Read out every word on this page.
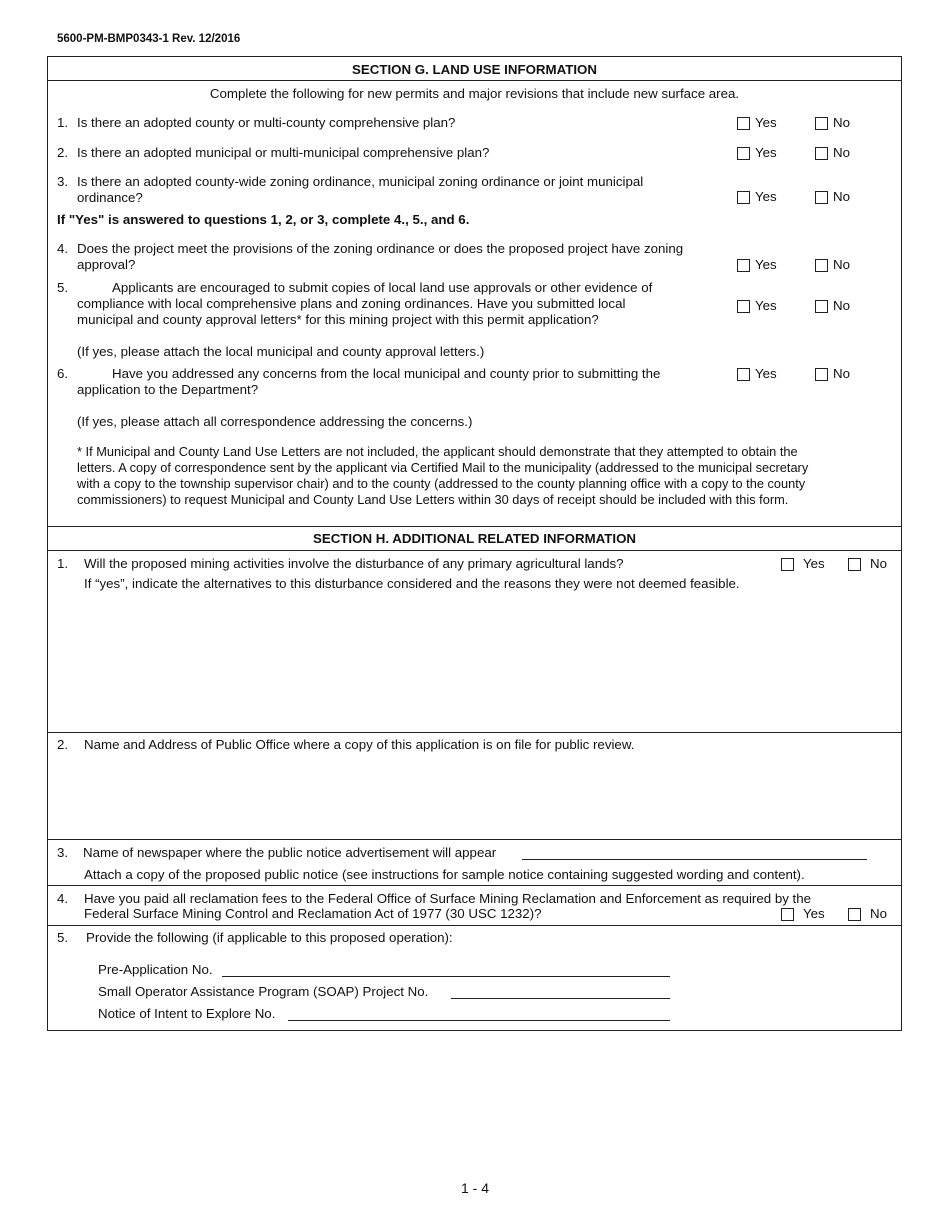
5600-PM-BMP0343-1 Rev. 12/2016
SECTION G. LAND USE INFORMATION
Complete the following for new permits and major revisions that include new surface area.
1. Is there an adopted county or multi-county comprehensive plan?	Yes	No
2. Is there an adopted municipal or multi-municipal comprehensive plan?	Yes	No
3. Is there an adopted county-wide zoning ordinance, municipal zoning ordinance or joint municipal
ordinance?	Yes	No
If "Yes" is answered to questions 1, 2, or 3, complete 4., 5., and 6.
4. Does the project meet the provisions of the zoning ordinance or does the proposed project have zoning
approval?	Yes	No
5.	Applicants are encouraged to submit copies of local land use approvals or other evidence of
compliance with local comprehensive plans and zoning ordinances. Have you submitted local
municipal and county approval letters* for this mining project with this permit application?
Yes	No
(If yes, please attach the local municipal and county approval letters.)
6.	Have you addressed any concerns from the local municipal and county prior to submitting the
application to the Department?
Yes	No
(If yes, please attach all correspondence addressing the concerns.)
* If Municipal and County Land Use Letters are not included, the applicant should demonstrate that they attempted to obtain the
letters. A copy of correspondence sent by the applicant via Certified Mail to the municipality (addressed to the municipal secretary
with a copy to the township supervisor chair) and to the county (addressed to the county planning office with a copy to the county
commissioners) to request Municipal and County Land Use Letters within 30 days of receipt should be included with this form.
SECTION H. ADDITIONAL RELATED INFORMATION
1. Will the proposed mining activities involve the disturbance of any primary agricultural lands?	Yes	No
If “yes”, indicate the alternatives to this disturbance considered and the reasons they were not deemed feasible.
2. Name and Address of Public Office where a copy of this application is on file for public review.
3. Name of newspaper where the public notice advertisement will appear
Attach a copy of the proposed public notice (see instructions for sample notice containing suggested wording and content).
4. Have you paid all reclamation fees to the Federal Office of Surface Mining Reclamation and Enforcement as required by the
Federal Surface Mining Control and Reclamation Act of 1977 (30 USC 1232)?	Yes	No
5. Provide the following (if applicable to this proposed operation):
Pre-Application No.
Small Operator Assistance Program (SOAP) Project No.
Notice of Intent to Explore No.
1 - 4
